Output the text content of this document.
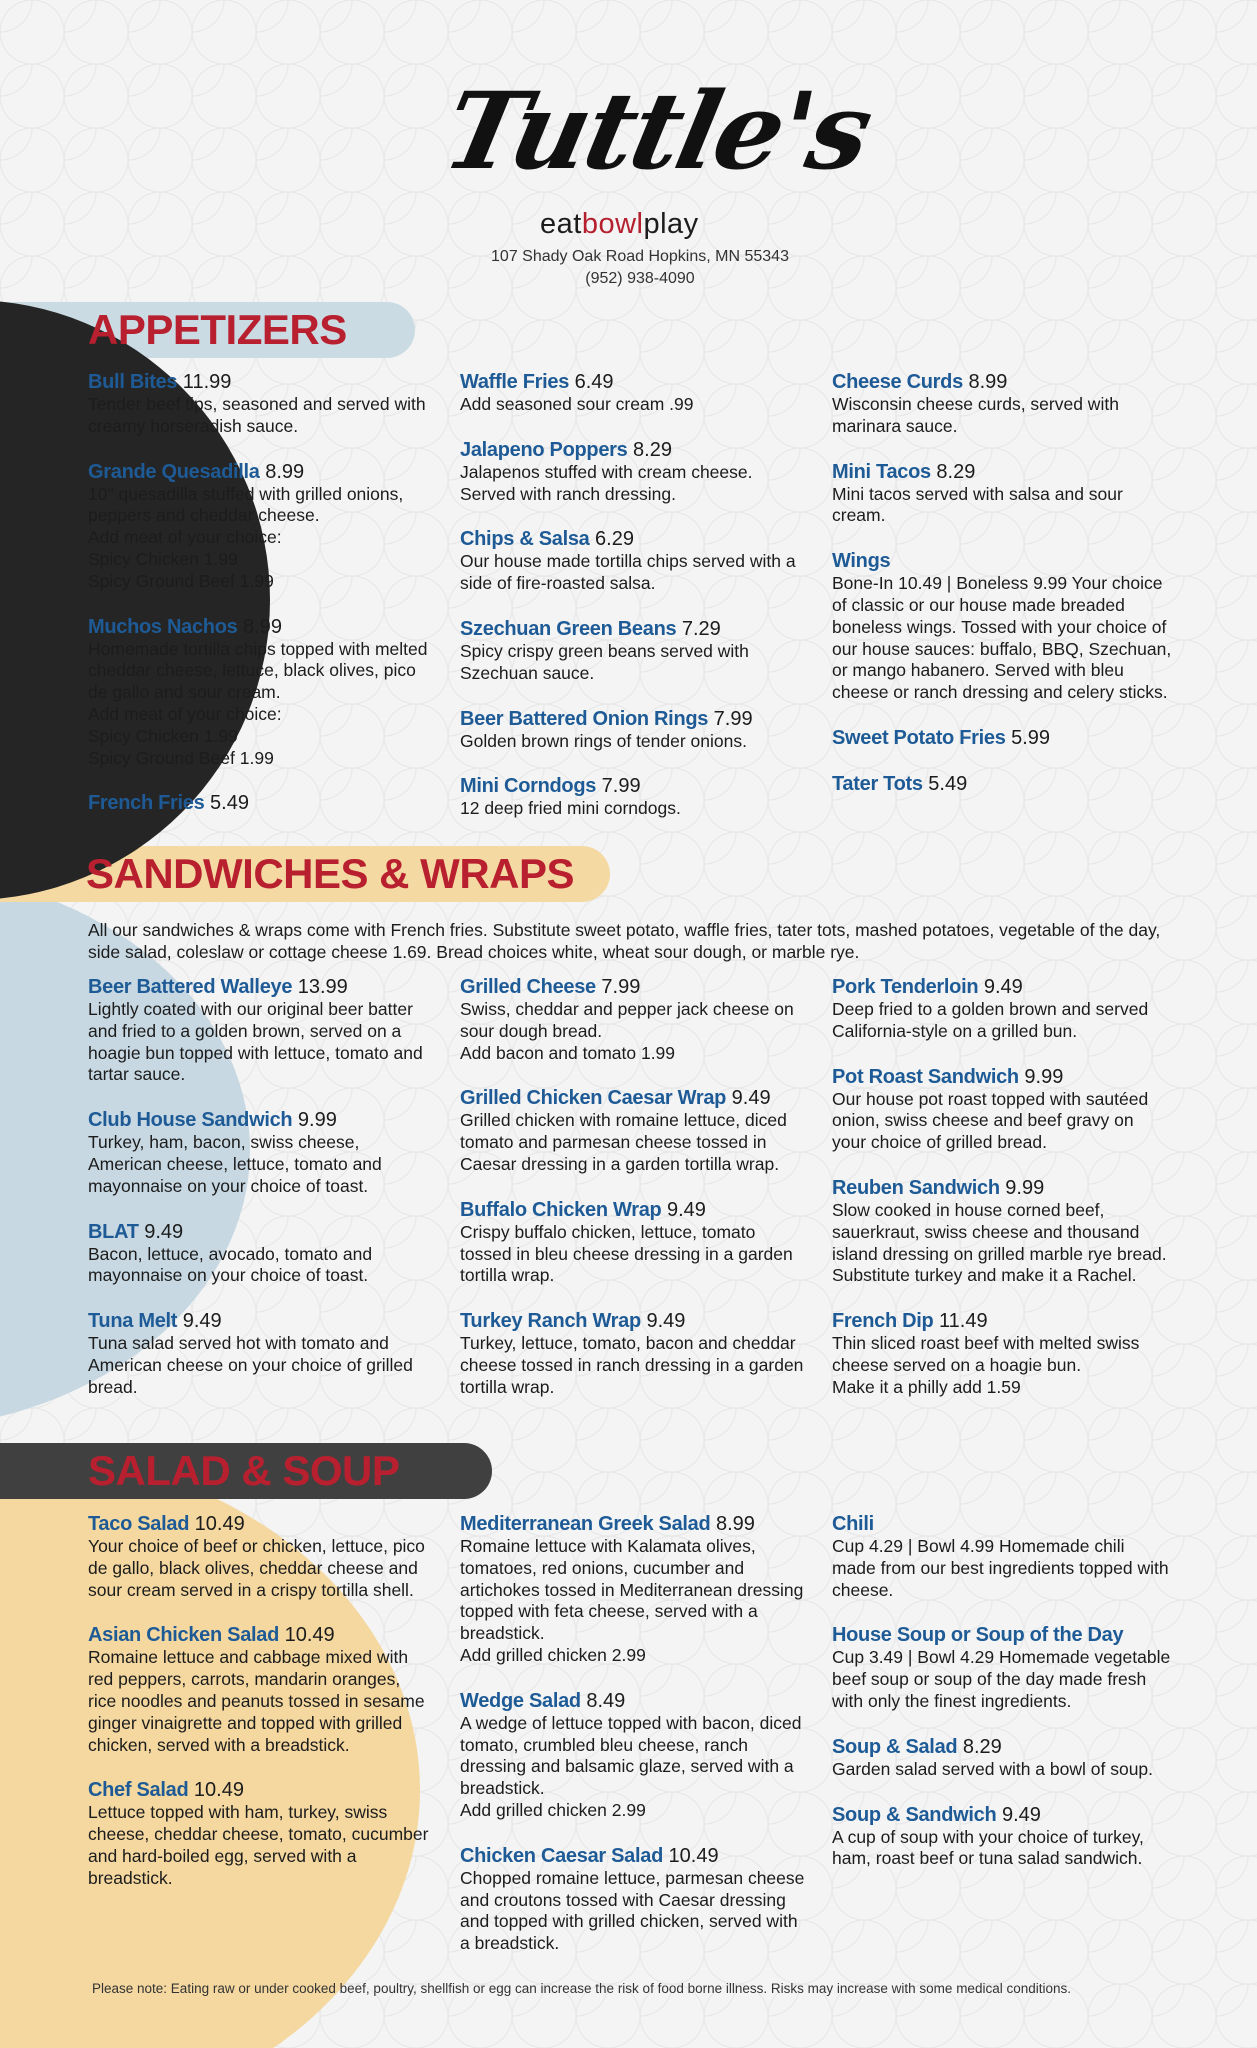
Tuttle's
eatbowlplay
107 Shady Oak Road Hopkins, MN 55343
(952) 938-4090
APPETIZERS
SANDWICHES & WRAPS
SALAD & SOUP
All our sandwiches & wraps come with French fries. Substitute sweet potato, waffle fries, tater tots, mashed potatoes, vegetable of the day, side salad, coleslaw or cottage cheese 1.69. Bread choices white, wheat sour dough, or marble rye.
Bull Bites 11.99
Tender beef tips, seasoned and served with creamy horseradish sauce.
Grande Quesadilla 8.99
10" quesadilla stuffed with grilled onions, peppers and cheddar cheese.
Add meat of your choice:
Spicy Chicken 1.99
Spicy Ground Beef 1.99
Muchos Nachos 8.99
Homemade tortilla chips topped with melted cheddar cheese, lettuce, black olives, pico de gallo and sour cream.
Add meat of your choice:
Spicy Chicken 1.99
Spicy Ground Beef 1.99
French Fries 5.49
Waffle Fries 6.49
Add seasoned sour cream .99
Jalapeno Poppers 8.29
Jalapenos stuffed with cream cheese. Served with ranch dressing.
Chips & Salsa 6.29
Our house made tortilla chips served with a side of fire-roasted salsa.
Szechuan Green Beans 7.29
Spicy crispy green beans served with Szechuan sauce.
Beer Battered Onion Rings 7.99
Golden brown rings of tender onions.
Mini Corndogs 7.99
12 deep fried mini corndogs.
Cheese Curds 8.99
Wisconsin cheese curds, served with marinara sauce.
Mini Tacos 8.29
Mini tacos served with salsa and sour cream.
Wings
Bone-In 10.49 | Boneless 9.99 Your choice of classic or our house made breaded boneless wings. Tossed with your choice of our house sauces: buffalo, BBQ, Szechuan, or mango habanero. Served with bleu cheese or ranch dressing and celery sticks.
Sweet Potato Fries 5.99
Tater Tots 5.49
Beer Battered Walleye 13.99
Lightly coated with our original beer batter and fried to a golden brown, served on a hoagie bun topped with lettuce, tomato and tartar sauce.
Club House Sandwich 9.99
Turkey, ham, bacon, swiss cheese, American cheese, lettuce, tomato and mayonnaise on your choice of toast.
BLAT 9.49
Bacon, lettuce, avocado, tomato and mayonnaise on your choice of toast.
Tuna Melt 9.49
Tuna salad served hot with tomato and American cheese on your choice of grilled bread.
Grilled Cheese 7.99
Swiss, cheddar and pepper jack cheese on sour dough bread.
Add bacon and tomato 1.99
Grilled Chicken Caesar Wrap 9.49
Grilled chicken with romaine lettuce, diced tomato and parmesan cheese tossed in Caesar dressing in a garden tortilla wrap.
Buffalo Chicken Wrap 9.49
Crispy buffalo chicken, lettuce, tomato tossed in bleu cheese dressing in a garden tortilla wrap.
Turkey Ranch Wrap 9.49
Turkey, lettuce, tomato, bacon and cheddar cheese tossed in ranch dressing in a garden tortilla wrap.
Pork Tenderloin 9.49
Deep fried to a golden brown and served California-style on a grilled bun.
Pot Roast Sandwich 9.99
Our house pot roast topped with sautéed onion, swiss cheese and beef gravy on your choice of grilled bread.
Reuben Sandwich 9.99
Slow cooked in house corned beef, sauerkraut, swiss cheese and thousand island dressing on grilled marble rye bread. Substitute turkey and make it a Rachel.
French Dip 11.49
Thin sliced roast beef with melted swiss cheese served on a hoagie bun.
Make it a philly add 1.59
Taco Salad 10.49
Your choice of beef or chicken, lettuce, pico de gallo, black olives, cheddar cheese and sour cream served in a crispy tortilla shell.
Asian Chicken Salad 10.49
Romaine lettuce and cabbage mixed with red peppers, carrots, mandarin oranges, rice noodles and peanuts tossed in sesame ginger vinaigrette and topped with grilled chicken, served with a breadstick.
Chef Salad 10.49
Lettuce topped with ham, turkey, swiss cheese, cheddar cheese, tomato, cucumber and hard-boiled egg, served with a breadstick.
Mediterranean Greek Salad 8.99
Romaine lettuce with Kalamata olives, tomatoes, red onions, cucumber and artichokes tossed in Mediterranean dressing topped with feta cheese, served with a breadstick.
Add grilled chicken 2.99
Wedge Salad 8.49
A wedge of lettuce topped with bacon, diced tomato, crumbled bleu cheese, ranch dressing and balsamic glaze, served with a breadstick.
Add grilled chicken 2.99
Chicken Caesar Salad 10.49
Chopped romaine lettuce, parmesan cheese and croutons tossed with Caesar dressing and topped with grilled chicken, served with a breadstick.
Chili
Cup 4.29 | Bowl 4.99 Homemade chili made from our best ingredients topped with cheese.
House Soup or Soup of the Day
Cup 3.49 | Bowl 4.29 Homemade vegetable beef soup or soup of the day made fresh with only the finest ingredients.
Soup & Salad 8.29
Garden salad served with a bowl of soup.
Soup & Sandwich 9.49
A cup of soup with your choice of turkey, ham, roast beef or tuna salad sandwich.
Please note: Eating raw or under cooked beef, poultry, shellfish or egg can increase the risk of food borne illness. Risks may increase with some medical conditions.
